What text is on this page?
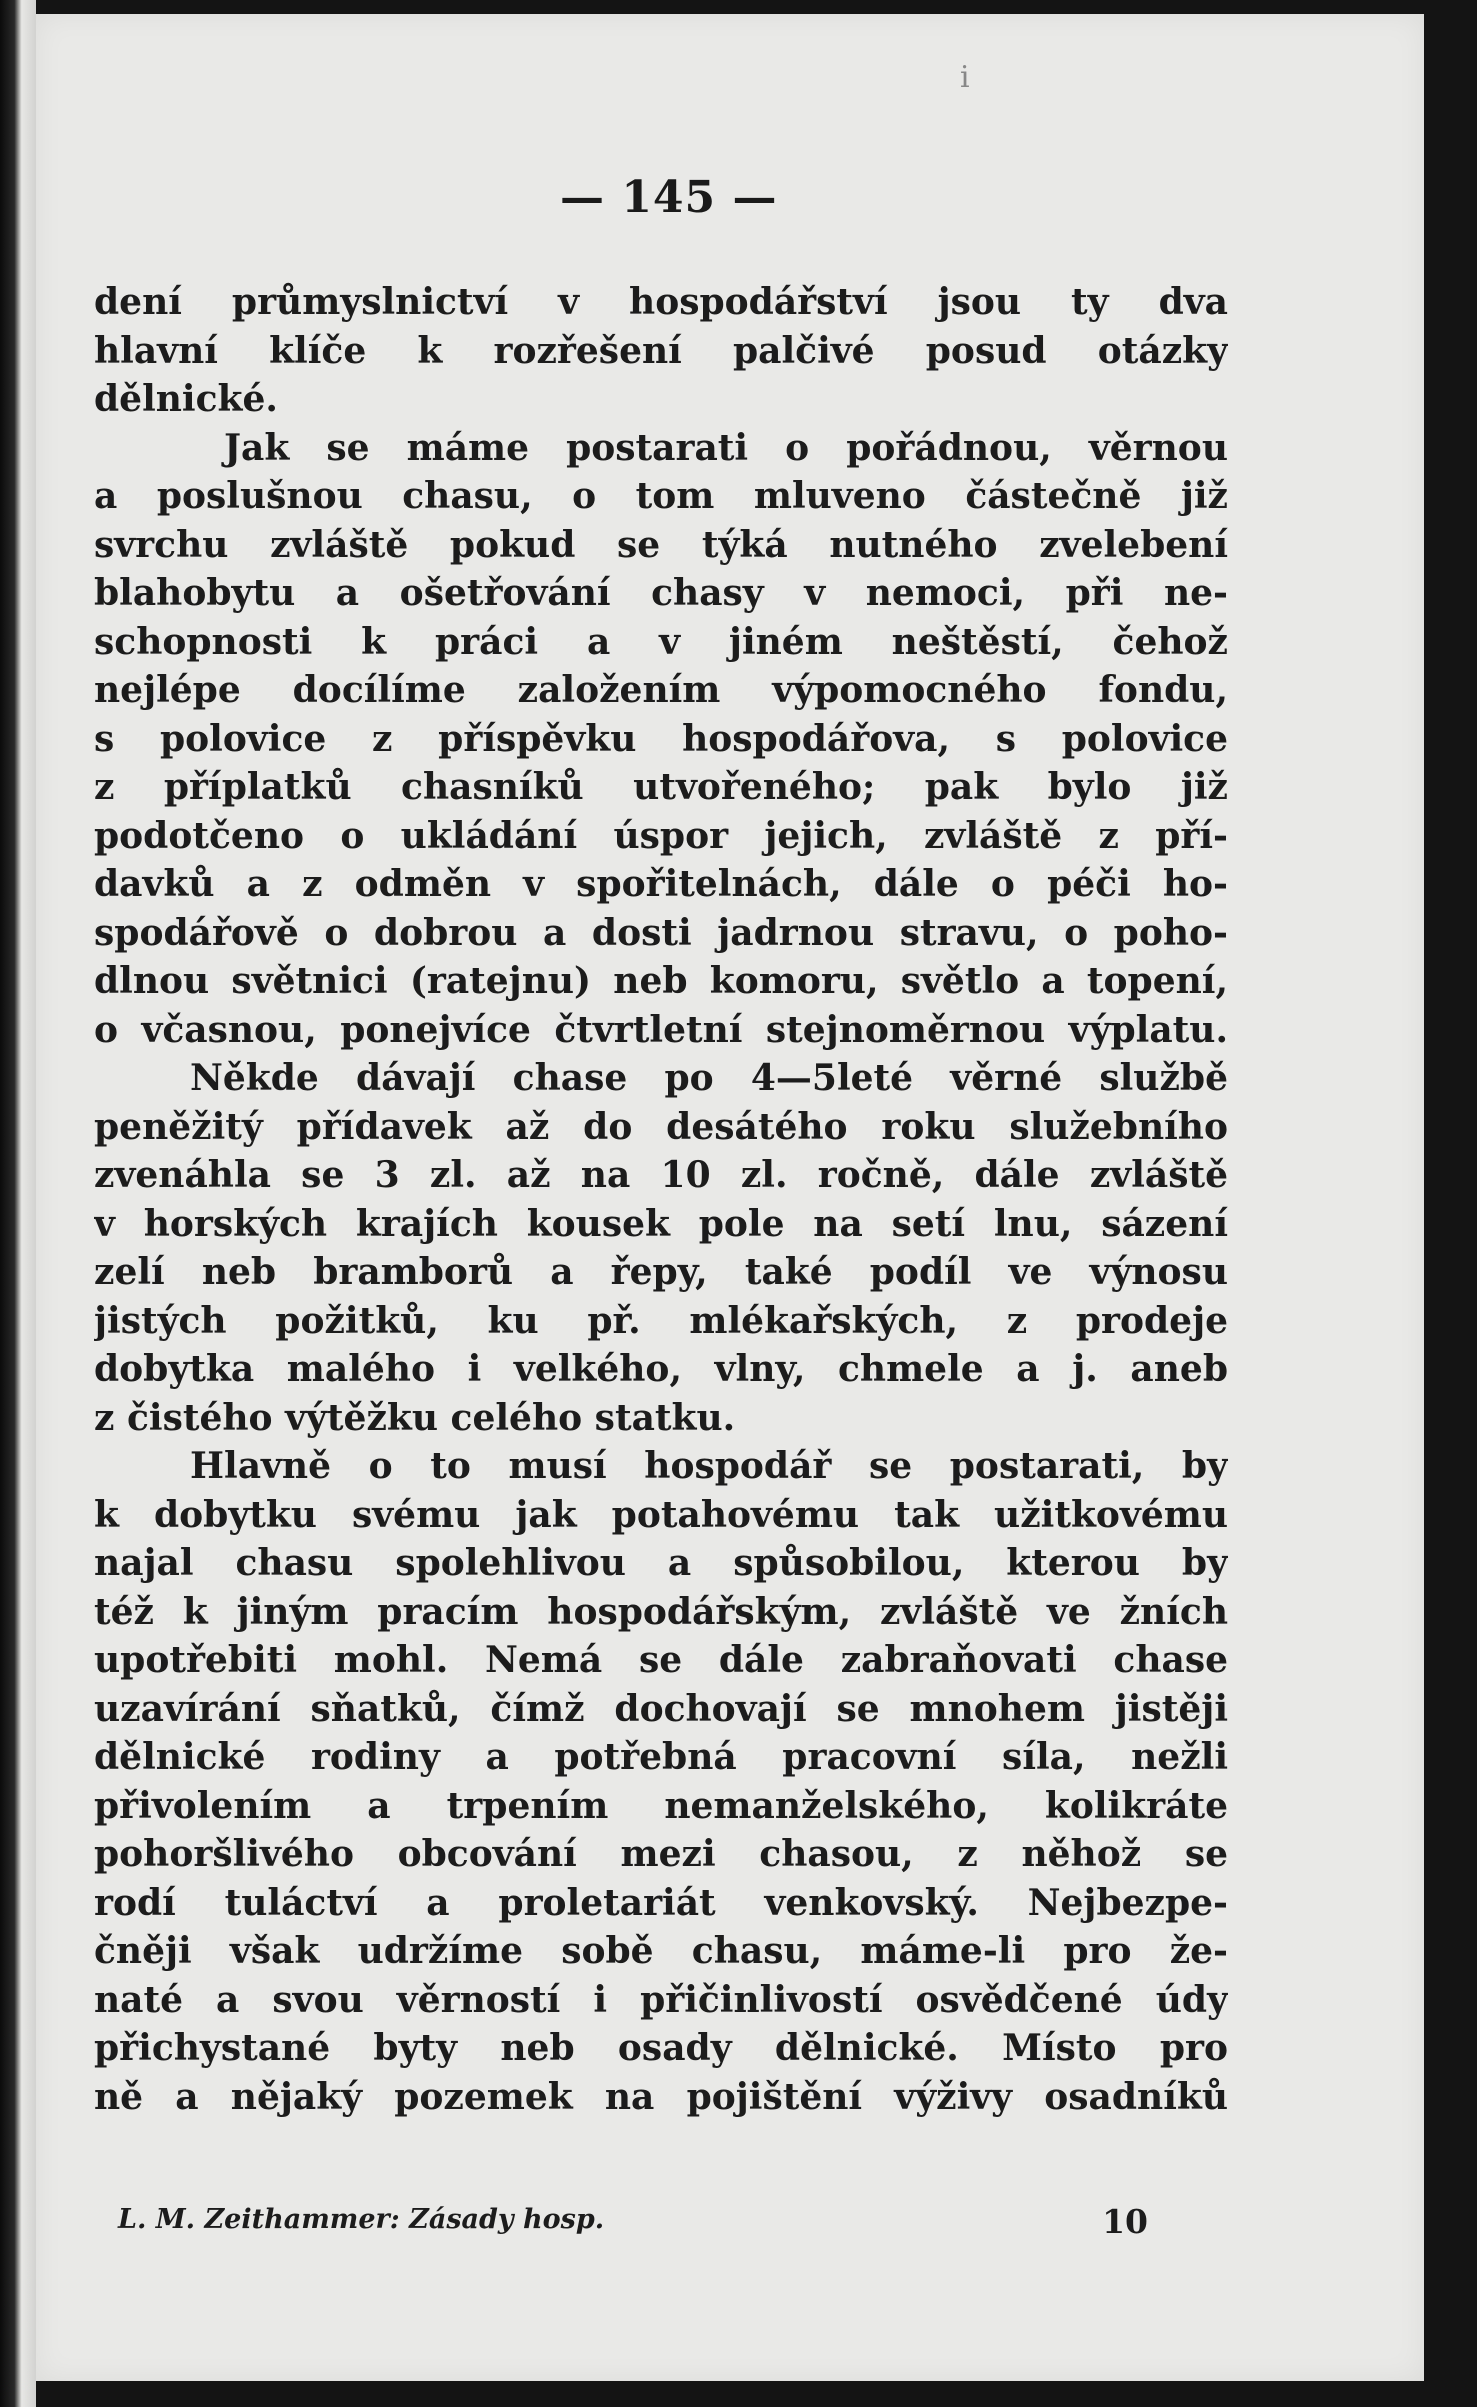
i
— 145 —
dení průmyslnictví v hospodářství jsou ty dva
hlavní klíče k rozřešení palčivé posud otázky
dělnické.
Jak se máme postarati o pořádnou, věrnou
a poslušnou chasu, o tom mluveno částečně již
svrchu zvláště pokud se týká nutného zvelebení
blahobytu a ošetřování chasy v nemoci, při ne-
schopnosti k práci a v jiném neštěstí, čehož
nejlépe docílíme založením výpomocného fondu,
s polovice z příspěvku hospodářova, s polovice
z příplatků chasníků utvořeného; pak bylo již
podotčeno o ukládání úspor jejich, zvláště z pří-
davků a z odměn v spořitelnách, dále o péči ho-
spodářově o dobrou a dosti jadrnou stravu, o poho-
dlnou světnici (ratejnu) neb komoru, světlo a topení,
o včasnou, ponejvíce čtvrtletní stejnoměrnou výplatu.
Někde dávají chase po 4—5leté věrné službě
peněžitý přídavek až do desátého roku služebního
zvenáhla se 3 zl. až na 10 zl. ročně, dále zvláště
v horských krajích kousek pole na setí lnu, sázení
zelí neb bramborů a řepy, také podíl ve výnosu
jistých požitků, ku př. mlékařských, z prodeje
dobytka malého i velkého, vlny, chmele a j. aneb
z čistého výtěžku celého statku.
Hlavně o to musí hospodář se postarati, by
k dobytku svému jak potahovému tak užitkovému
najal chasu spolehlivou a spůsobilou, kterou by
též k jiným pracím hospodářským, zvláště ve žních
upotřebiti mohl. Nemá se dále zabraňovati chase
uzavírání sňatků, čímž dochovají se mnohem jistěji
dělnické rodiny a potřebná pracovní síla, nežli
přivolením a trpením nemanželského, kolikráte
pohoršlivého obcování mezi chasou, z něhož se
rodí tuláctví a proletariát venkovský. Nejbezpe-
čněji však udržíme sobě chasu, máme-li pro že-
naté a svou věrností i přičinlivostí osvědčené údy
přichystané byty neb osady dělnické. Místo pro
ně a nějaký pozemek na pojištění výživy osadníků
L. M. Zeithammer: Zásady hosp.	10
